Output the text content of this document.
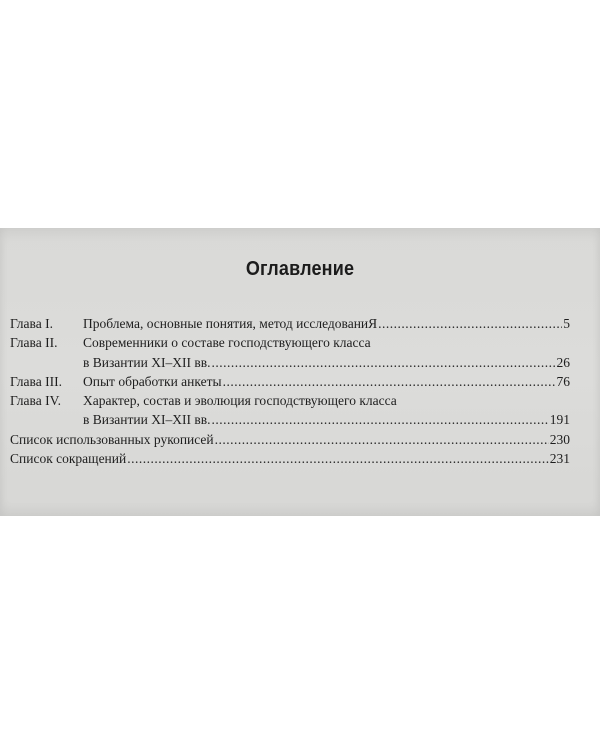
Оглавление
Глава I.	Проблема, основные понятия, метод исследованиЯ .....	5
Глава II.	Современники о составе господствующего класса
в Византии XI–XII вв. .....	26
Глава III.	Опыт обработки анкеты .....	76
Глава IV.	Характер, состав и эволюция господствующего класса
в Византии XI–XII вв. .....	191
Список использованных рукописей .....	230
Список сокращений .....	231
